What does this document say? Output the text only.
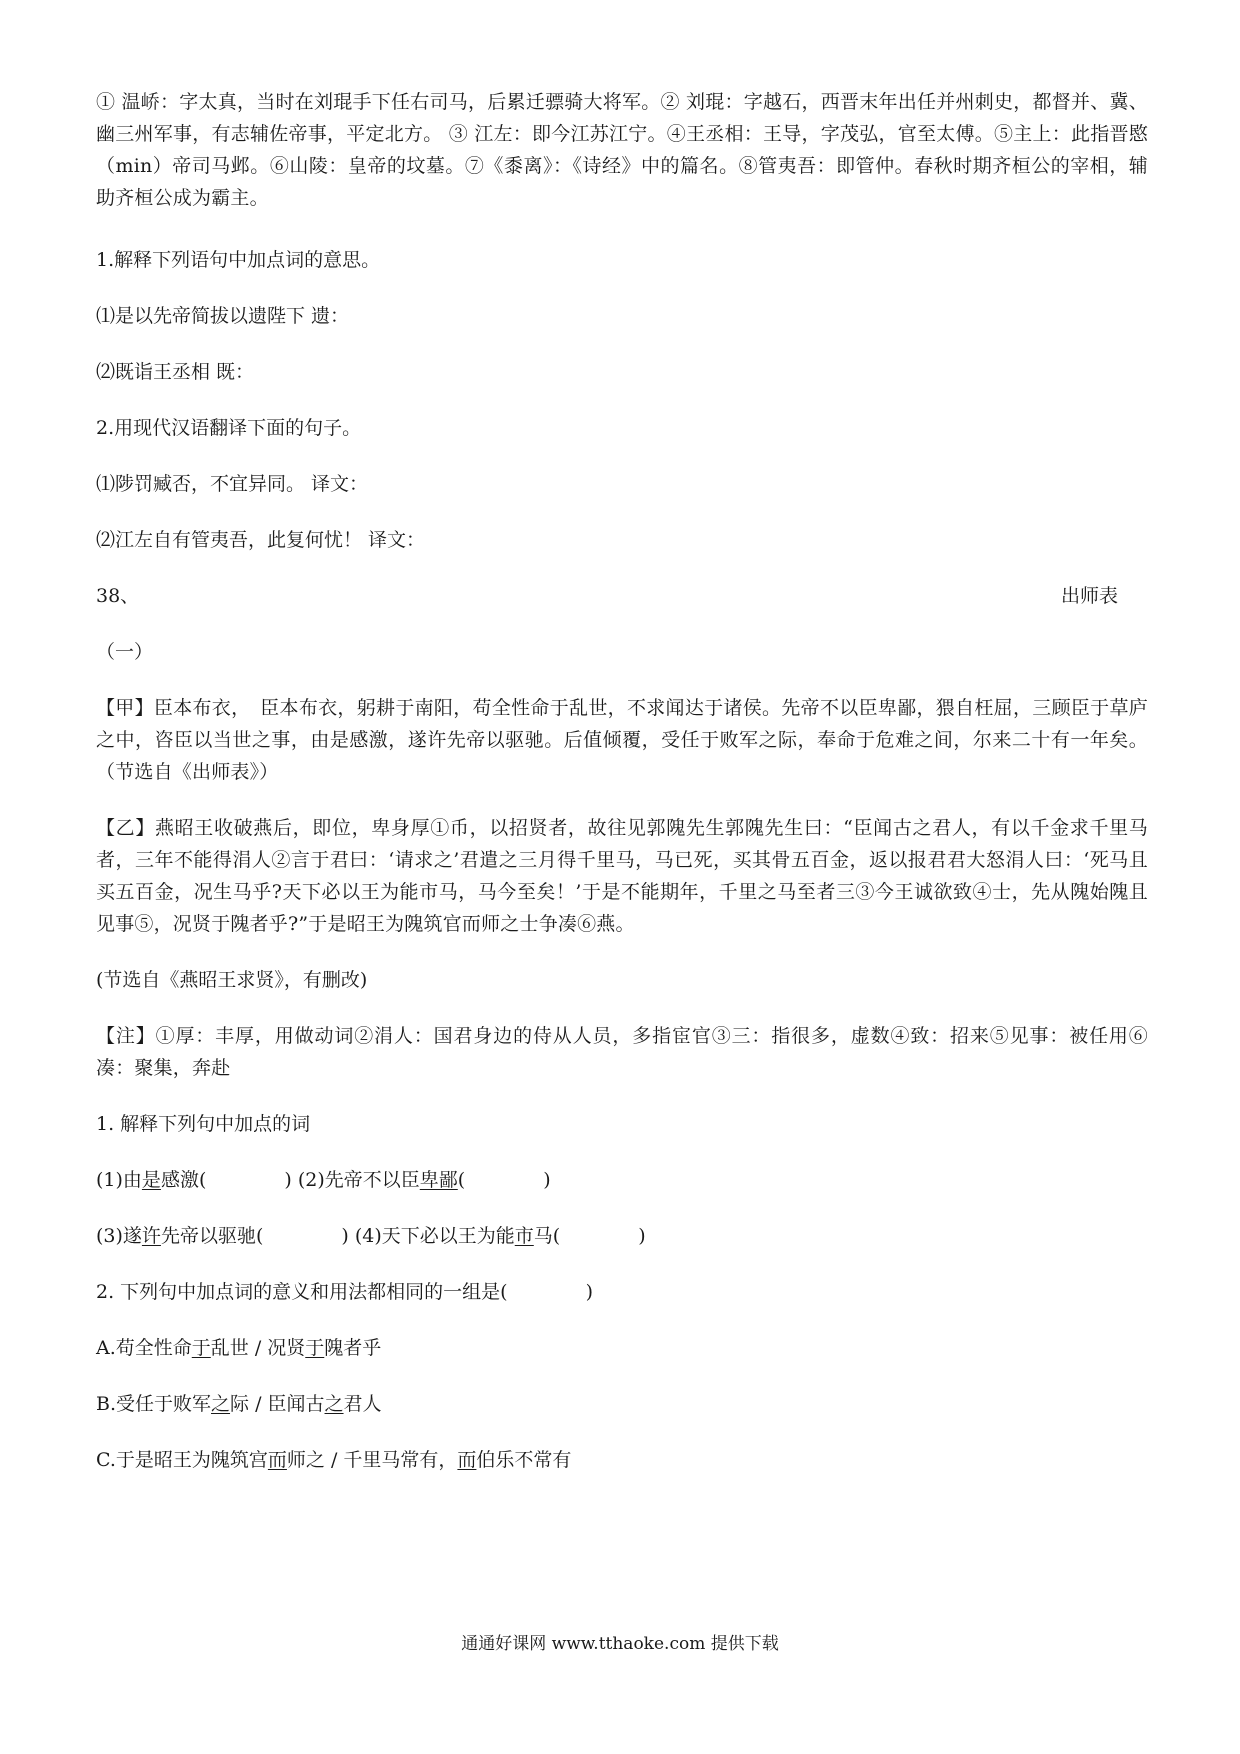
① 温峤：字太真，当时在刘琨手下任右司马，后累迁骠骑大将军。② 刘琨：字越石，西晋末年出任并州刺史，都督并、冀、幽三州军事，有志辅佐帝事，平定北方。 ③ 江左：即今江苏江宁。④王丞相：王导，字茂弘，官至太傅。⑤主上：此指晋愍（min）帝司马邺。⑥山陵：皇帝的坟墓。⑦《黍离》：《诗经》中的篇名。⑧管夷吾：即管仲。春秋时期齐桓公的宰相，辅助齐桓公成为霸主。

1.解释下列语句中加点词的意思。

⑴是以先帝简拔以遗陛下 遗：

⑵既诣王丞相 既：

2.用现代汉语翻译下面的句子。

⑴陟罚臧否，不宜异同。 译文：

⑵江左自有管夷吾，此复何忧！ 译文：

38、	出师表

（一）

【甲】臣本布衣，　臣本布衣，躬耕于南阳，苟全性命于乱世，不求闻达于诸侯。先帝不以臣卑鄙，猥自枉屈，三顾臣于草庐之中，咨臣以当世之事，由是感激，遂许先帝以驱驰。后值倾覆，受任于败军之际，奉命于危难之间，尔来二十有一年矣。（节选自《出师表》）

【乙】燕昭王收破燕后，即位，卑身厚①币，以招贤者，故往见郭隗先生郭隗先生曰：“臣闻古之君人，有以千金求千里马者，三年不能得涓人②言于君曰：‘请求之’君遣之三月得千里马，马已死，买其骨五百金，返以报君君大怒涓人曰：‘死马且买五百金，况生马乎?天下必以王为能市马，马今至矣！’于是不能期年，千里之马至者三③今王诚欲致④士，先从隗始隗且见事⑤，况贤于隗者乎?”于是昭王为隗筑官而师之士争凑⑥燕。

(节选自《燕昭王求贤》，有删改)

【注】①厚：丰厚，用做动词②涓人：国君身边的侍从人员，多指宦官③三：指很多，虚数④致：招来⑤见事：被任用⑥凑：聚集，奔赴

1. 解释下列句中加点的词

(1)由是感激(	) (2)先帝不以臣卑鄙(	)

(3)遂许先帝以驱驰(	) (4)天下必以王为能市马(	)

2. 下列句中加点词的意义和用法都相同的一组是(	)

A.苟全性命于乱世 / 况贤于隗者乎

B.受任于败军之际 / 臣闻古之君人

C.于是昭王为隗筑宫而师之 / 千里马常有，而伯乐不常有

通通好课网 www.tthaoke.com 提供下载
